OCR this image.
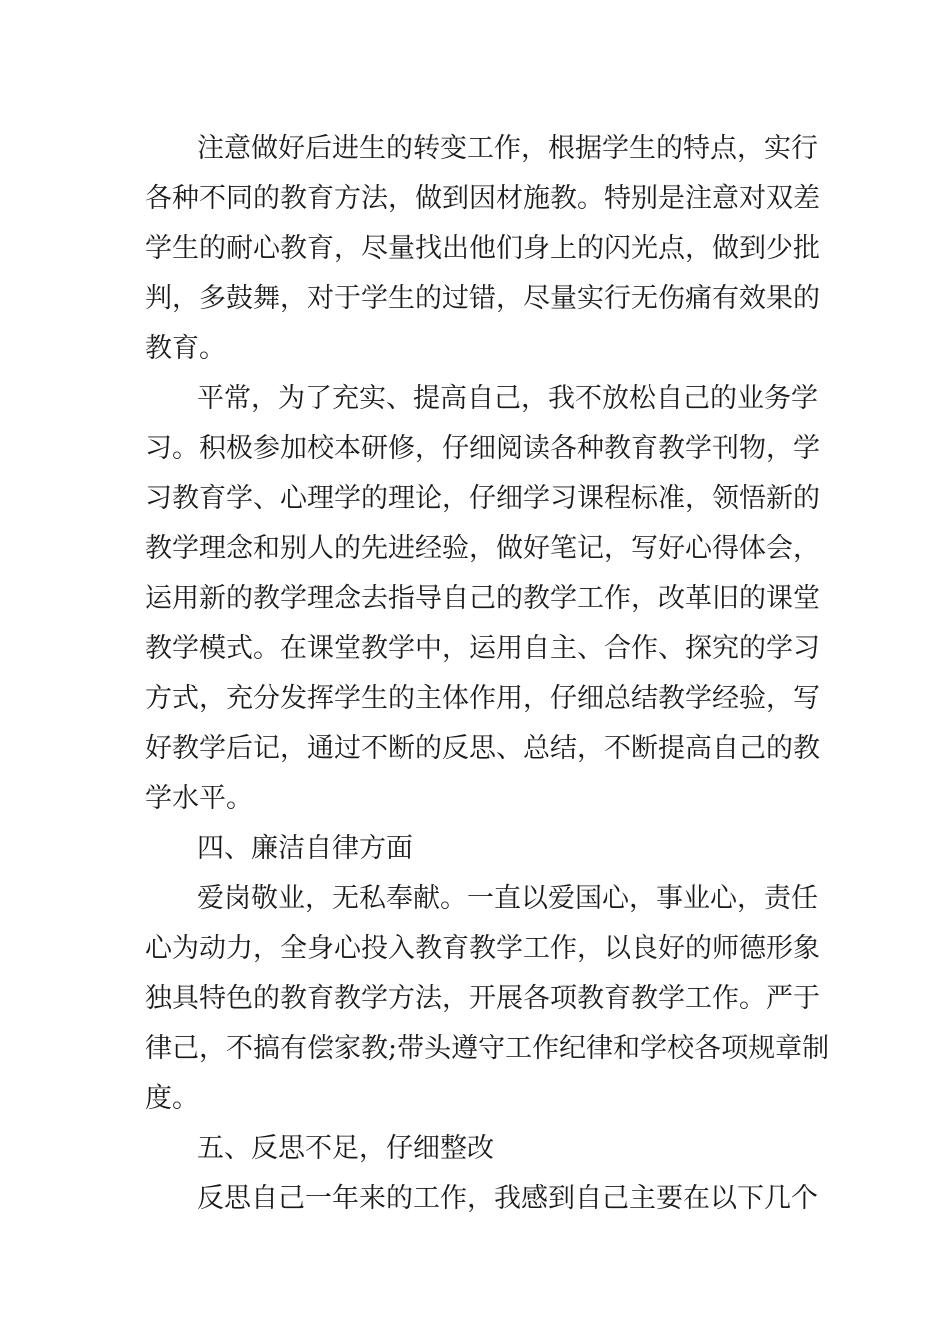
注意做好后进生的转变工作，根据学生的特点，实行
各种不同的教育方法，做到因材施教。特别是注意对双差
学生的耐心教育，尽量找出他们身上的闪光点，做到少批
判，多鼓舞，对于学生的过错，尽量实行无伤痛有效果的
教育。
平常，为了充实、提高自己，我不放松自己的业务学
习。积极参加校本研修，仔细阅读各种教育教学刊物，学
习教育学、心理学的理论，仔细学习课程标准，领悟新的
教学理念和别人的先进经验，做好笔记，写好心得体会，
运用新的教学理念去指导自己的教学工作，改革旧的课堂
教学模式。在课堂教学中，运用自主、合作、探究的学习
方式，充分发挥学生的主体作用，仔细总结教学经验，写
好教学后记，通过不断的反思、总结，不断提高自己的教
学水平。
四、廉洁自律方面
爱岗敬业，无私奉献。一直以爱国心，事业心，责任
心为动力，全身心投入教育教学工作，以良好的师德形象
独具特色的教育教学方法，开展各项教育教学工作。严于
律己，不搞有偿家教;带头遵守工作纪律和学校各项规章制
度。
五、反思不足，仔细整改
反思自己一年来的工作，我感到自己主要在以下几个
